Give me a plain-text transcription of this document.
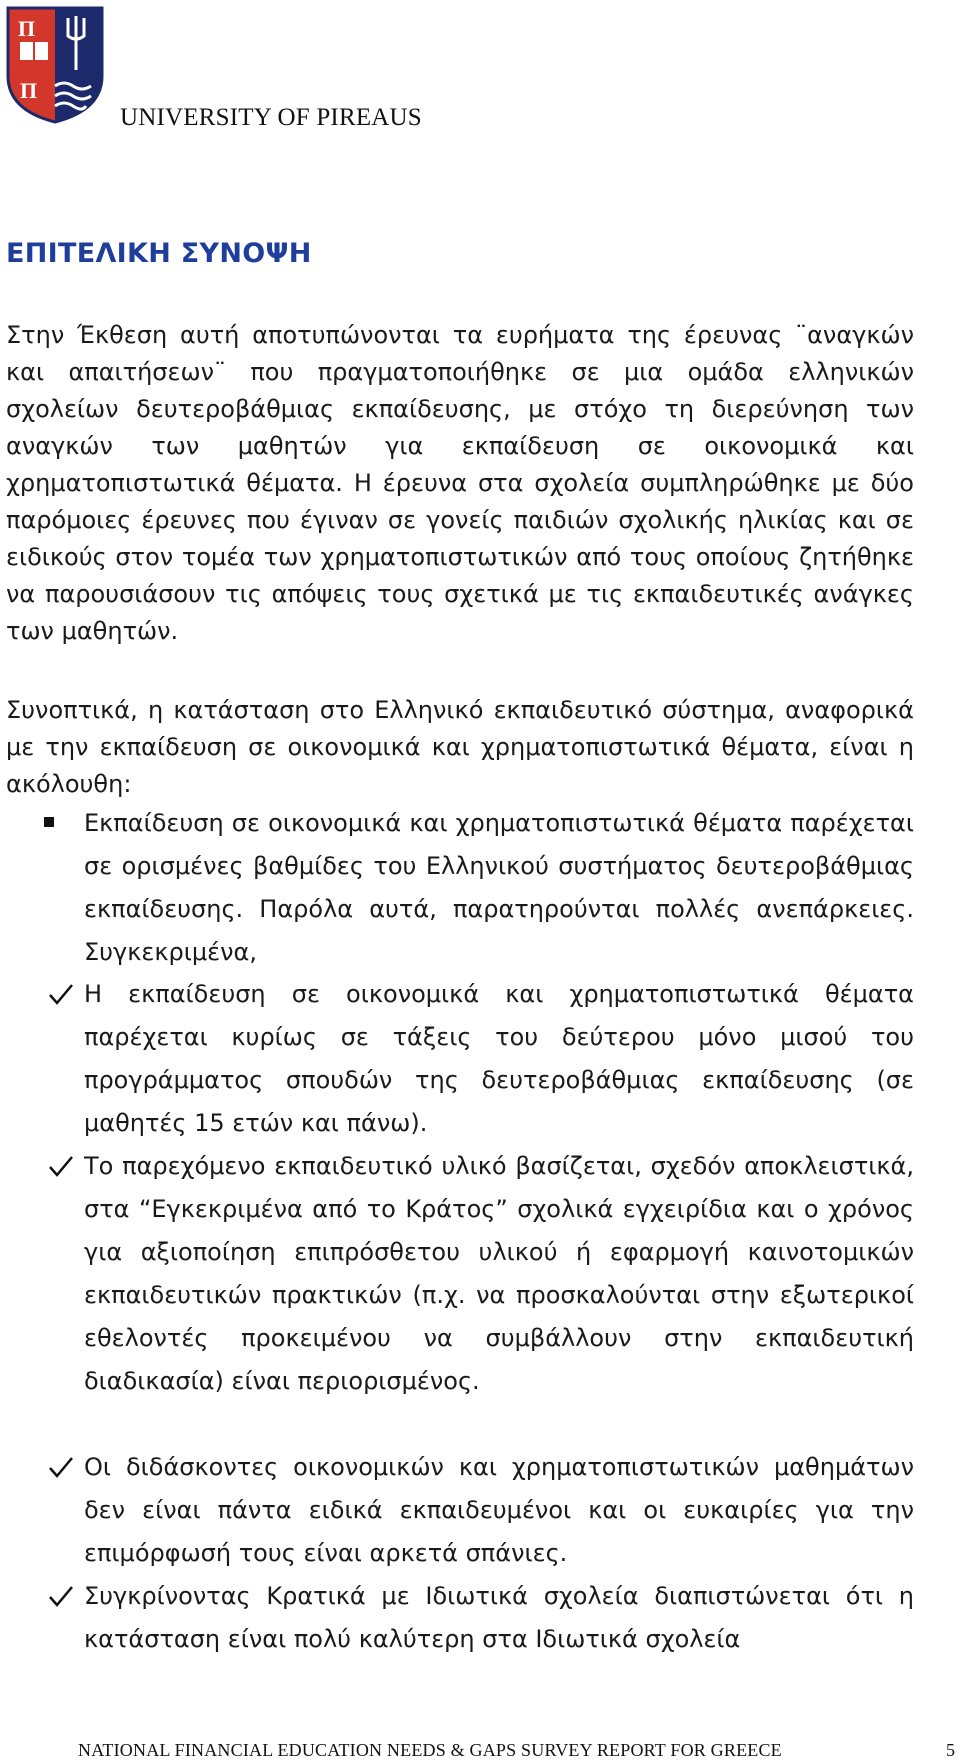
Π
Π
UNIVERSITY OF PIREAUS
ΕΠΙΤΕΛΙΚΗ ΣΥΝΟΨΗ
Στην Έκθεση αυτή αποτυπώνονται τα ευρήματα της έρευνας ¨αναγκών και απαιτήσεων¨ που πραγματοποιήθηκε σε μια ομάδα ελληνικών σχολείων δευτεροβάθμιας εκπαίδευσης, με στόχο τη διερεύνηση των αναγκών των μαθητών για εκπαίδευση σε οικονομικά και χρηματοπιστωτικά θέματα. Η έρευνα στα σχολεία συμπληρώθηκε με δύο παρόμοιες έρευνες που έγιναν σε γονείς παιδιών σχολικής ηλικίας και σε ειδικούς στον τομέα των χρηματοπιστωτικών από τους οποίους ζητήθηκε να παρουσιάσουν τις απόψεις τους σχετικά με τις εκπαιδευτικές ανάγκες των μαθητών.
Συνοπτικά, η κατάσταση στο Ελληνικό εκπαιδευτικό σύστημα, αναφορικά με την εκπαίδευση σε οικονομικά και χρηματοπιστωτικά θέματα, είναι η ακόλουθη:
Εκπαίδευση σε οικονομικά και χρηματοπιστωτικά θέματα παρέχεται σε ορισμένες βαθμίδες του Ελληνικού συστήματος δευτεροβάθμιας εκπαίδευσης. Παρόλα αυτά, παρατηρούνται πολλές ανεπάρκειες. Συγκεκριμένα,
Η εκπαίδευση σε οικονομικά και χρηματοπιστωτικά θέματα παρέχεται κυρίως σε τάξεις του δεύτερου μόνο μισού του προγράμματος σπουδών της δευτεροβάθμιας εκπαίδευσης (σε μαθητές 15 ετών και πάνω).
Το παρεχόμενο εκπαιδευτικό υλικό βασίζεται, σχεδόν αποκλειστικά, στα “Εγκεκριμένα από το Κράτος” σχολικά εγχειρίδια και ο χρόνος για αξιοποίηση επιπρόσθετου υλικού ή εφαρμογή καινοτομικών εκπαιδευτικών πρακτικών (π.χ. να προσκαλούνται στην εξωτερικοί εθελοντές προκειμένου να συμβάλλουν στην εκπαιδευτική διαδικασία) είναι περιορισμένος.
Οι διδάσκοντες οικονομικών και χρηματοπιστωτικών μαθημάτων δεν είναι πάντα ειδικά εκπαιδευμένοι και οι ευκαιρίες για την επιμόρφωσή τους είναι αρκετά σπάνιες.
Συγκρίνοντας Κρατικά με Ιδιωτικά σχολεία διαπιστώνεται ότι η κατάσταση είναι πολύ καλύτερη στα Ιδιωτικά σχολεία
NATIONAL FINANCIAL EDUCATION NEEDS & GAPS SURVEY REPORT FOR GREECE	5
